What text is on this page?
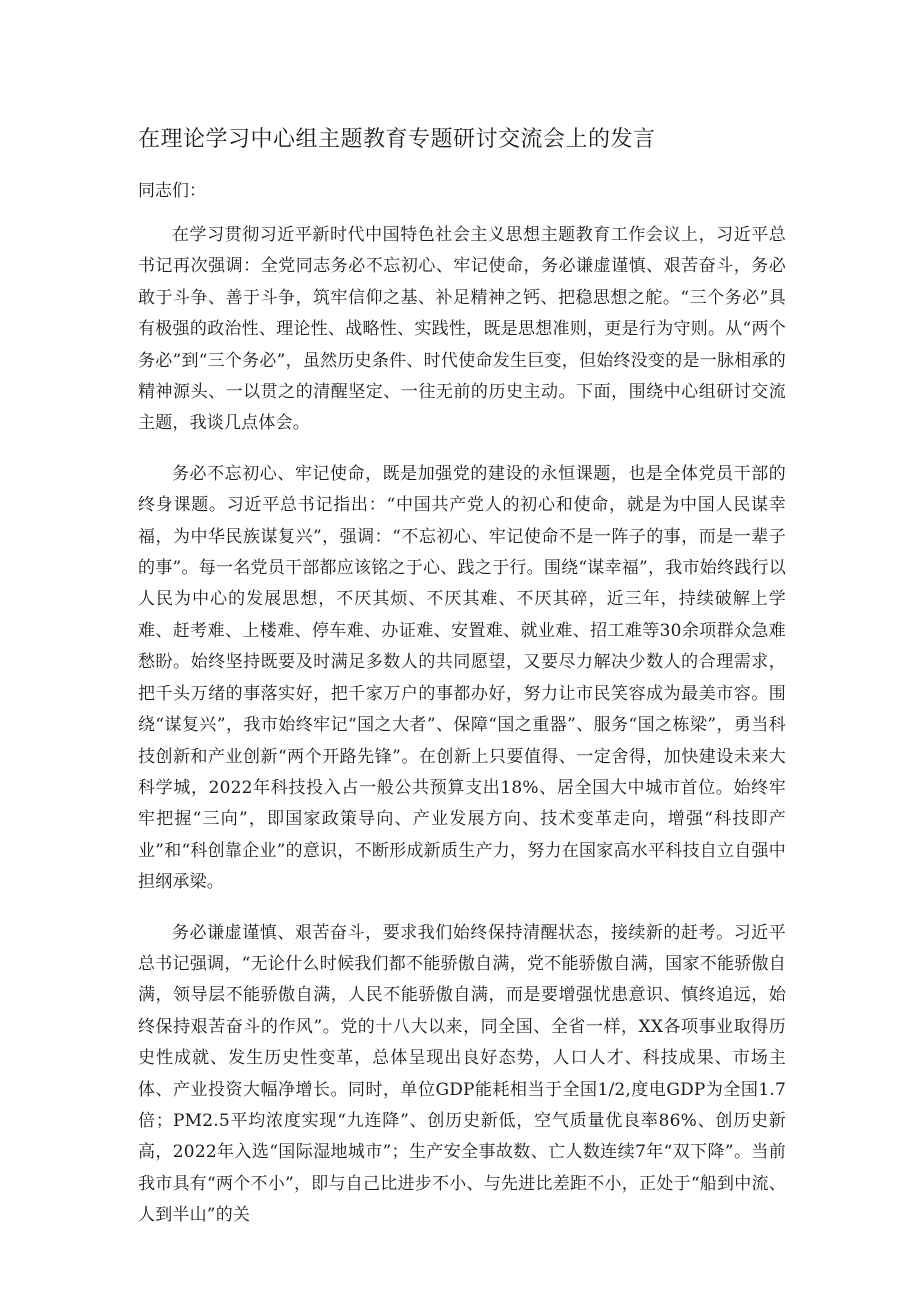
在理论学习中心组主题教育专题研讨交流会上的发言

同志们：

在学习贯彻习近平新时代中国特色社会主义思想主题教育工作会议上，习近平总书记再次强调：全党同志务必不忘初心、牢记使命，务必谦虚谨慎、艰苦奋斗，务必敢于斗争、善于斗争，筑牢信仰之基、补足精神之钙、把稳思想之舵。“三个务必”具有极强的政治性、理论性、战略性、实践性，既是思想准则，更是行为守则。从“两个务必”到“三个务必”，虽然历史条件、时代使命发生巨变，但始终没变的是一脉相承的精神源头、一以贯之的清醒坚定、一往无前的历史主动。下面，围绕中心组研讨交流主题，我谈几点体会。

务必不忘初心、牢记使命，既是加强党的建设的永恒课题，也是全体党员干部的终身课题。习近平总书记指出：“中国共产党人的初心和使命，就是为中国人民谋幸福，为中华民族谋复兴”，强调：“不忘初心、牢记使命不是一阵子的事，而是一辈子的事”。每一名党员干部都应该铭之于心、践之于行。围绕“谋幸福”，我市始终践行以人民为中心的发展思想，不厌其烦、不厌其难、不厌其碎，近三年，持续破解上学难、赶考难、上楼难、停车难、办证难、安置难、就业难、招工难等30余项群众急难愁盼。始终坚持既要及时满足多数人的共同愿望，又要尽力解决少数人的合理需求，把千头万绪的事落实好，把千家万户的事都办好，努力让市民笑容成为最美市容。围绕“谋复兴”，我市始终牢记“国之大者”、保障“国之重器”、服务“国之栋梁”，勇当科技创新和产业创新“两个开路先锋”。在创新上只要值得、一定舍得，加快建设未来大科学城，2022年科技投入占一般公共预算支出18%、居全国大中城市首位。始终牢牢把握“三向”，即国家政策导向、产业发展方向、技术变革走向，增强“科技即产业”和“科创靠企业”的意识，不断形成新质生产力，努力在国家高水平科技自立自强中担纲承梁。

务必谦虚谨慎、艰苦奋斗，要求我们始终保持清醒状态，接续新的赶考。习近平总书记强调，“无论什么时候我们都不能骄傲自满，党不能骄傲自满，国家不能骄傲自满，领导层不能骄傲自满，人民不能骄傲自满，而是要增强忧患意识、慎终追远，始终保持艰苦奋斗的作风”。党的十八大以来，同全国、全省一样，XX各项事业取得历史性成就、发生历史性变革，总体呈现出良好态势，人口人才、科技成果、市场主体、产业投资大幅净增长。同时，单位GDP能耗相当于全国1/2,度电GDP为全国1.7倍；PM2.5平均浓度实现“九连降”、创历史新低，空气质量优良率86%、创历史新高，2022年入选“国际湿地城市”；生产安全事故数、亡人数连续7年“双下降”。当前我市具有“两个不小”，即与自己比进步不小、与先进比差距不小，正处于“船到中流、人到半山”的关
